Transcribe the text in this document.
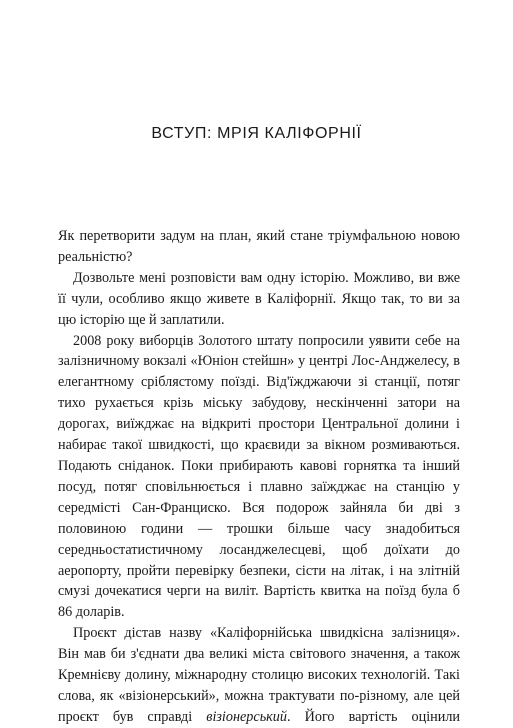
ВСТУП: МРІЯ КАЛІФОРНІЇ

Як перетворити задум на план, який стане тріумфальною новою реальністю?

Дозвольте мені розповісти вам одну історію. Можливо, ви вже її чули, особливо якщо живете в Каліфорнії. Якщо так, то ви за цю історію ще й заплатили.

2008 року виборців Золотого штату попросили уявити себе на залізничному вокзалі «Юніон стейшн» у центрі Лос-Анджелесу, в елегантному сріблястому поїзді. Від'їжджаючи зі станції, потяг тихо рухається крізь міську забудову, нескінченні затори на дорогах, виїжджає на відкриті простори Центральної долини і набирає такої швидкості, що краєвиди за вікном розмиваються. Подають сніданок. Поки прибирають кавові горнятка та інший посуд, потяг сповільнюється і плавно заїжджає на станцію у середмісті Сан-Франциско. Вся подорож зайняла би дві з половиною години — трошки більше часу знадобиться середньостатистичному лосанджелесцеві, щоб доїхати до аеропорту, пройти перевірку безпеки, сісти на літак, і на злітній смузі дочекатися черги на виліт. Вартість квитка на поїзд була б 86 доларів.

Проєкт дістав назву «Каліфорнійська швидкісна залізниця». Він мав би з'єднати два великі міста світового значення, а також Кремнієву долину, міжнародну столицю високих технологій. Такі слова, як «візіонерський», можна трактувати по-різному, але цей проєкт був справді візіонерський. Його вартість оцінили
